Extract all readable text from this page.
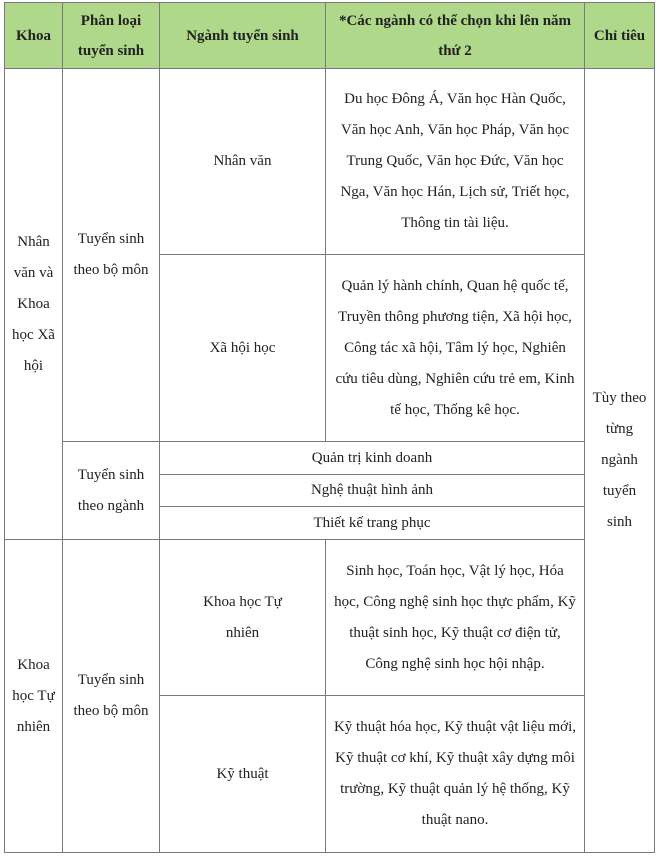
Khoa	Phân loại tuyển sinh	Ngành tuyển sinh	*Các ngành có thể chọn khi lên năm thứ 2	Chỉ tiêu
Nhân văn và Khoa học Xã hội	Tuyển sinh theo bộ môn	Nhân văn	Du học Đông Á, Văn học Hàn Quốc, Văn học Anh, Văn học Pháp, Văn học Trung Quốc, Văn học Đức, Văn học Nga, Văn học Hán, Lịch sử, Triết học, Thông tin tài liệu.	Tùy theo từng ngành tuyển sinh
		Xã hội học	Quản lý hành chính, Quan hệ quốc tế, Truyền thông phương tiện, Xã hội học, Công tác xã hội, Tâm lý học, Nghiên cứu tiêu dùng, Nghiên cứu trẻ em, Kinh tế học, Thống kê học.	
	Tuyển sinh theo ngành	Quản trị kinh doanh		
		Nghệ thuật hình ảnh		
		Thiết kế trang phục		
Khoa học Tự nhiên	Tuyển sinh theo bộ môn	Khoa học Tự nhiên	Sinh học, Toán học, Vật lý học, Hóa học, Công nghệ sinh học thực phẩm, Kỹ thuật sinh học, Kỹ thuật cơ điện tử, Công nghệ sinh học hội nhập.	
		Kỹ thuật	Kỹ thuật hóa học, Kỹ thuật vật liệu mới, Kỹ thuật cơ khí, Kỹ thuật xây dựng môi trường, Kỹ thuật quản lý hệ thống, Kỹ thuật nano.	
